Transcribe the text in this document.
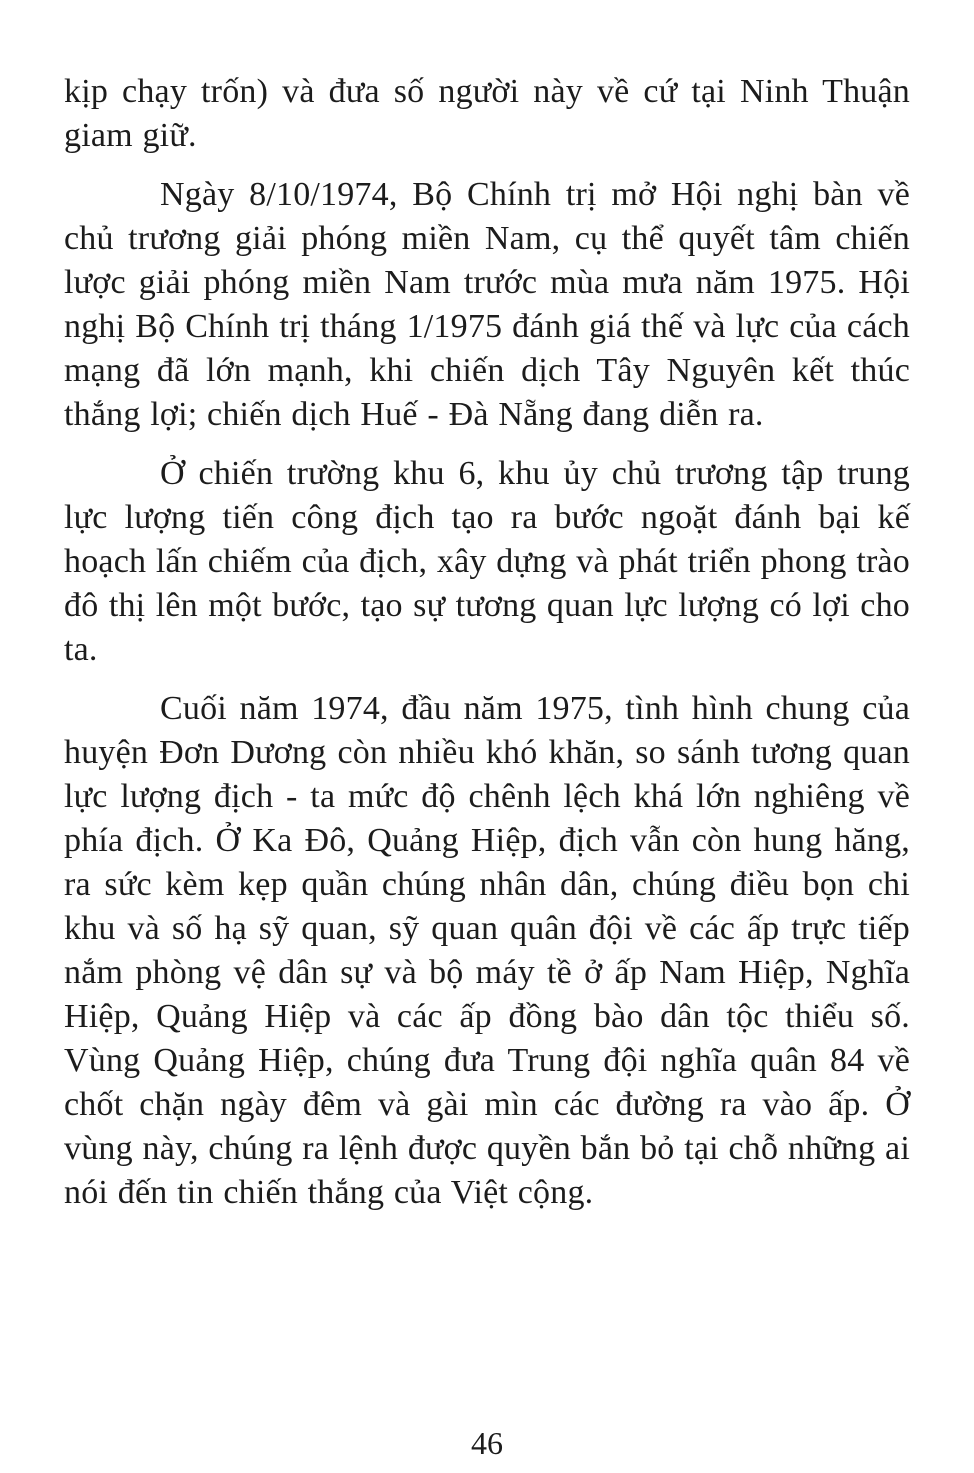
kịp chạy trốn) và đưa số người này về cứ tại Ninh Thuận giam giữ.

Ngày 8/10/1974, Bộ Chính trị mở Hội nghị bàn về chủ trương giải phóng miền Nam, cụ thể quyết tâm chiến lược giải phóng miền Nam trước mùa mưa năm 1975. Hội nghị Bộ Chính trị tháng 1/1975 đánh giá thế và lực của cách mạng đã lớn mạnh, khi chiến dịch Tây Nguyên kết thúc thắng lợi; chiến dịch Huế - Đà Nẵng đang diễn ra.

Ở chiến trường khu 6, khu ủy chủ trương tập trung lực lượng tiến công địch tạo ra bước ngoặt đánh bại kế hoạch lấn chiếm của địch, xây dựng và phát triển phong trào đô thị lên một bước, tạo sự tương quan lực lượng có lợi cho ta.

Cuối năm 1974, đầu năm 1975, tình hình chung của huyện Đơn Dương còn nhiều khó khăn, so sánh tương quan lực lượng địch - ta mức độ chênh lệch khá lớn nghiêng về phía địch. Ở Ka Đô, Quảng Hiệp, địch vẫn còn hung hăng, ra sức kèm kẹp quần chúng nhân dân, chúng điều bọn chi khu và số hạ sỹ quan, sỹ quan quân đội về các ấp trực tiếp nắm phòng vệ dân sự và bộ máy tề ở ấp Nam Hiệp, Nghĩa Hiệp, Quảng Hiệp và các ấp đồng bào dân tộc thiểu số. Vùng Quảng Hiệp, chúng đưa Trung đội nghĩa quân 84 về chốt chặn ngày đêm và gài mìn các đường ra vào ấp. Ở vùng này, chúng ra lệnh được quyền bắn bỏ tại chỗ những ai nói đến tin chiến thắng của Việt cộng.

46
